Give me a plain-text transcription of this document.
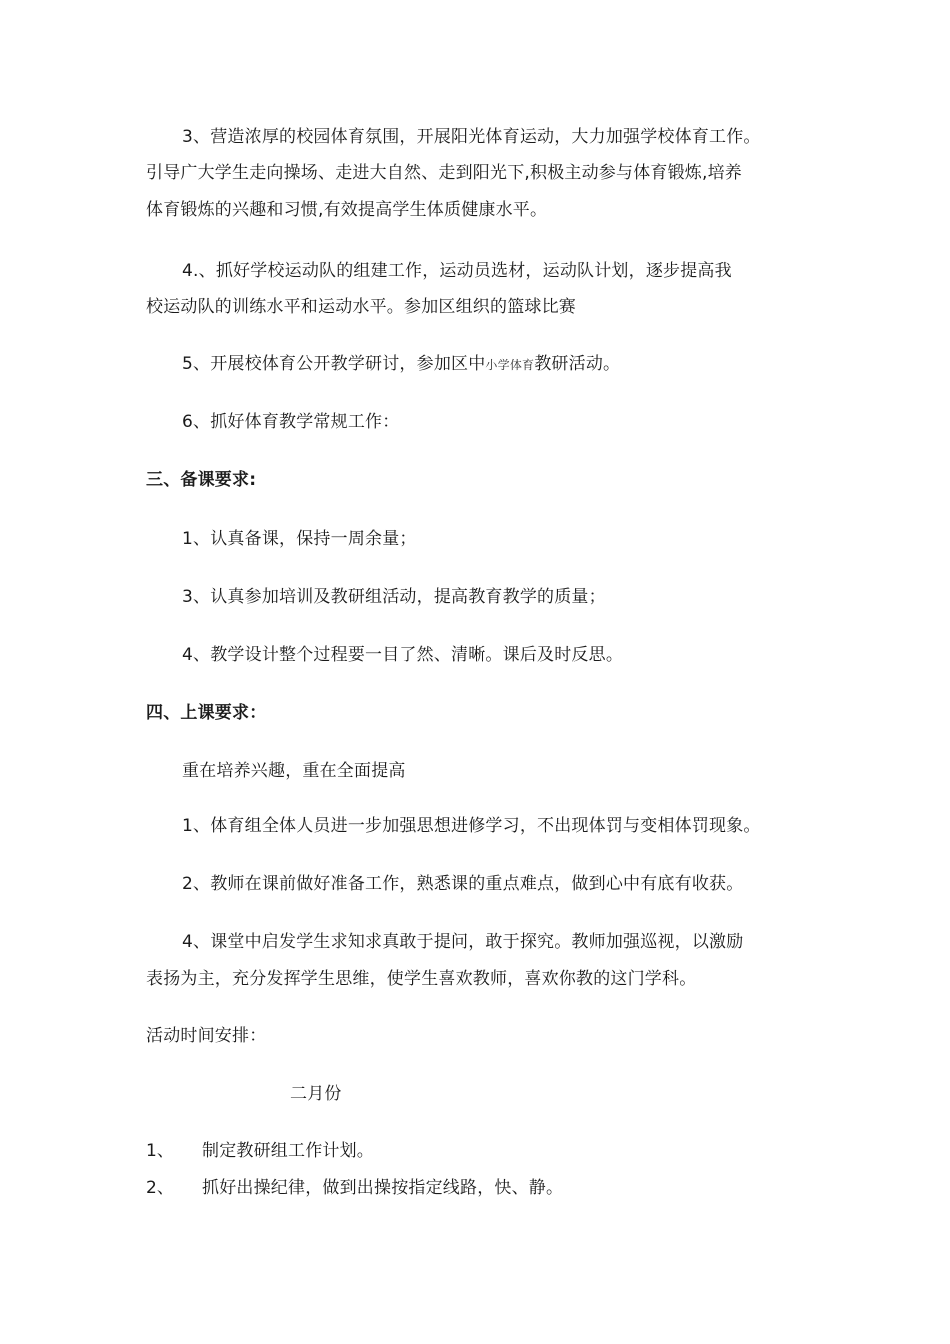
3、营造浓厚的校园体育氛围，开展阳光体育运动，大力加强学校体育工作。
引导广大学生走向操场、走进大自然、走到阳光下,积极主动参与体育锻炼,培养
体育锻炼的兴趣和习惯,有效提高学生体质健康水平。
4.、抓好学校运动队的组建工作，运动员选材，运动队计划，逐步提高我
校运动队的训练水平和运动水平。参加区组织的篮球比赛
5、开展校体育公开教学研讨，参加区中小学体育教研活动。
6、抓好体育教学常规工作：
三、备课要求:
1、认真备课，保持一周余量；
3、认真参加培训及教研组活动，提高教育教学的质量；
4、教学设计整个过程要一目了然、清晰。课后及时反思。
四、上课要求：
重在培养兴趣，重在全面提高
1、体育组全体人员进一步加强思想进修学习，不出现体罚与变相体罚现象。
2、教师在课前做好准备工作，熟悉课的重点难点，做到心中有底有收获。
4、课堂中启发学生求知求真敢于提问，敢于探究。教师加强巡视，以激励
表扬为主，充分发挥学生思维，使学生喜欢教师，喜欢你教的这门学科。
活动时间安排：
二月份
1、 制定教研组工作计划。
2、 抓好出操纪律，做到出操按指定线路，快、静。
